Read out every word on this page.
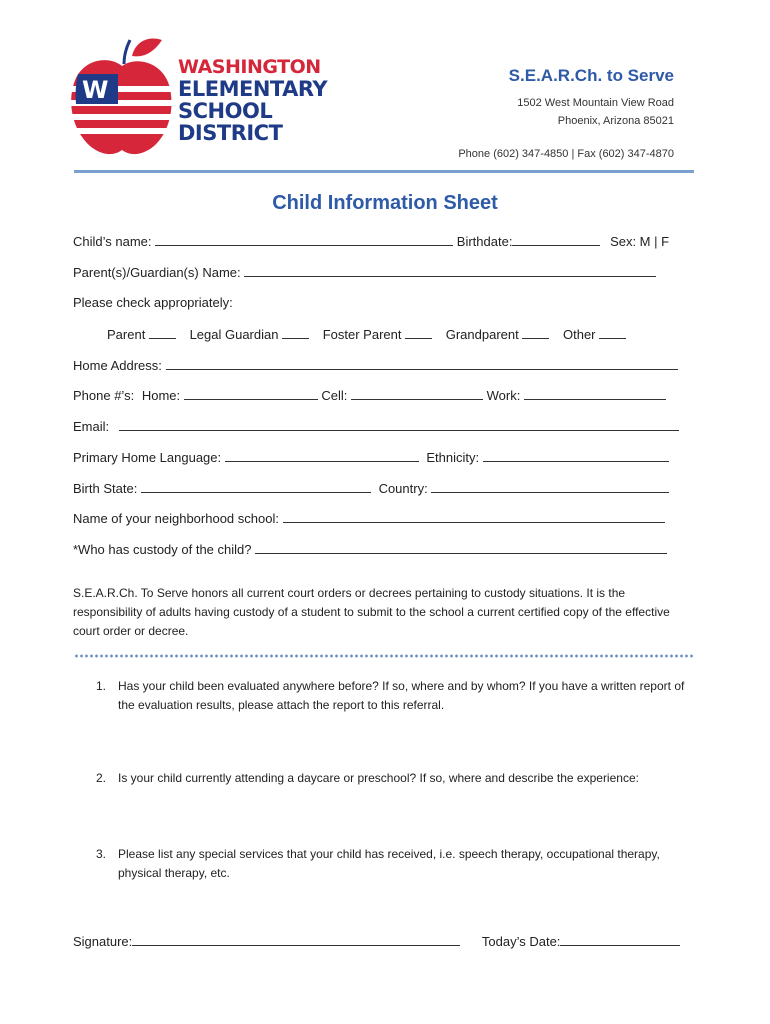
WASHINGTON
ELEMENTARY
SCHOOL
DISTRICT
W
S.E.A.R.Ch. to Serve
1502 West Mountain View Road
Phoenix, Arizona 85021
Phone (602) 347-4850 | Fax (602) 347-4870
Child Information Sheet
Child’s name:	Birthdate:	Sex: M | F
Parent(s)/Guardian(s) Name:
Please check appropriately:
Parent	Legal Guardian	Foster Parent	Grandparent	Other
Home Address:
Phone #’s: Home:	Cell:	Work:
Email:
Primary Home Language:	Ethnicity:
Birth State:	Country:
Name of your neighborhood school:
*Who has custody of the child?
S.E.A.R.Ch. To Serve honors all current court orders or decrees pertaining to custody situations. It is the responsibility of adults having custody of a student to submit to the school a current certified copy of the effective court order or decree.
1. Has your child been evaluated anywhere before? If so, where and by whom? If you have a written report of the evaluation results, please attach the report to this referral.
2. Is your child currently attending a daycare or preschool? If so, where and describe the experience:
3. Please list any special services that your child has received, i.e. speech therapy, occupational therapy, physical therapy, etc.
Signature:	Today’s Date:
